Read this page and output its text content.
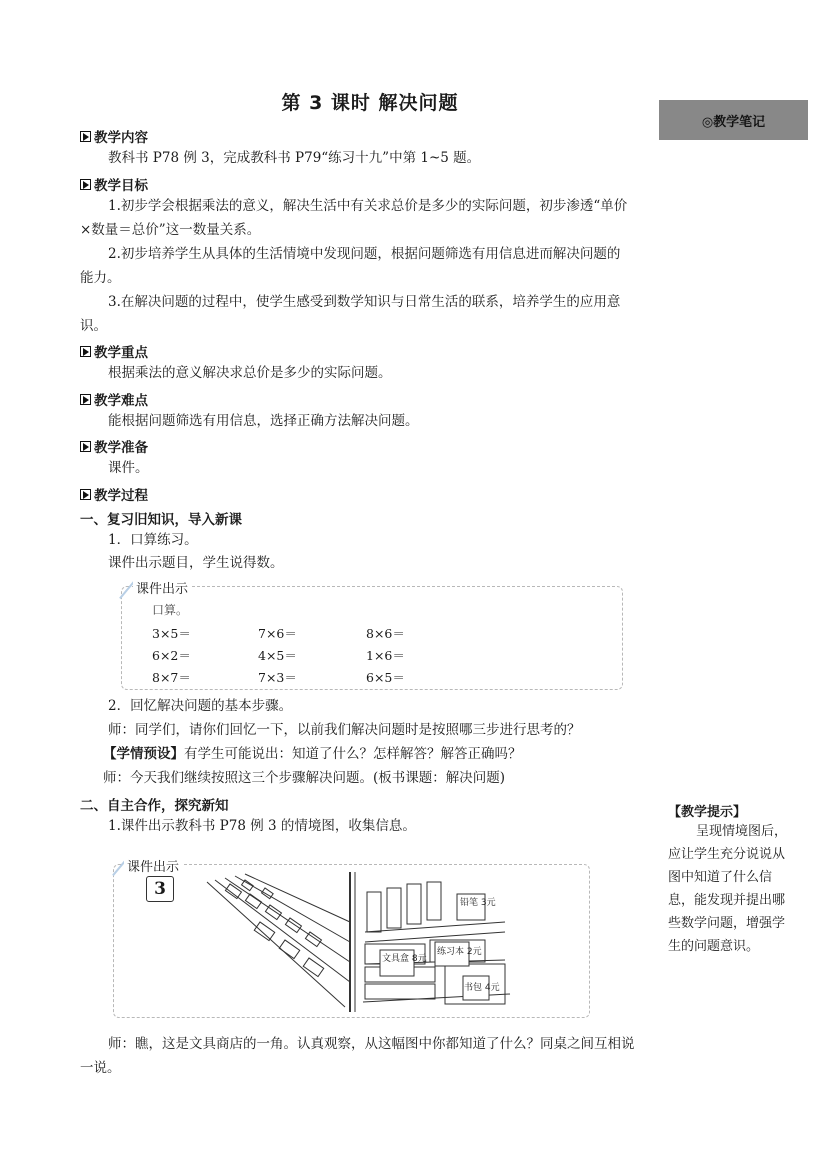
第 3 课时 解决问题
◎教学笔记
教学内容
教科书 P78 例 3，完成教科书 P79“练习十九”中第 1~5 题。
教学目标
1.初步学会根据乘法的意义，解决生活中有关求总价是多少的实际问题，初步渗透“单价×数量＝总价”这一数量关系。
2.初步培养学生从具体的生活情境中发现问题，根据问题筛选有用信息进而解决问题的能力。
3.在解决问题的过程中，使学生感受到数学知识与日常生活的联系，培养学生的应用意识。
教学重点
根据乘法的意义解决求总价是多少的实际问题。
教学难点
能根据问题筛选有用信息，选择正确方法解决问题。
教学准备
课件。
教学过程
一、复习旧知识，导入新课
1．口算练习。
课件出示题目，学生说得数。
课件出示
口算。
3×5＝	7×6＝	8×6＝
6×2＝	4×5＝	1×6＝
8×7＝	7×3＝	6×5＝
2．回忆解决问题的基本步骤。
师：同学们，请你们回忆一下，以前我们解决问题时是按照哪三步进行思考的？
【学情预设】有学生可能说出：知道了什么？怎样解答？解答正确吗？
师：今天我们继续按照这三个步骤解决问题。(板书课题：解决问题)
二、自主合作，探究新知
1.课件出示教科书 P78 例 3 的情境图，收集信息。
课件出示
3
铅笔 3元
文具盒 8元
练习本 2元
书包 4元
师：瞧，这是文具商店的一角。认真观察，从这幅图中你都知道了什么？同桌之间互相说一说。
【教学提示】
呈现情境图后，应让学生充分说说从图中知道了什么信息，能发现并提出哪些数学问题，增强学生的问题意识。
